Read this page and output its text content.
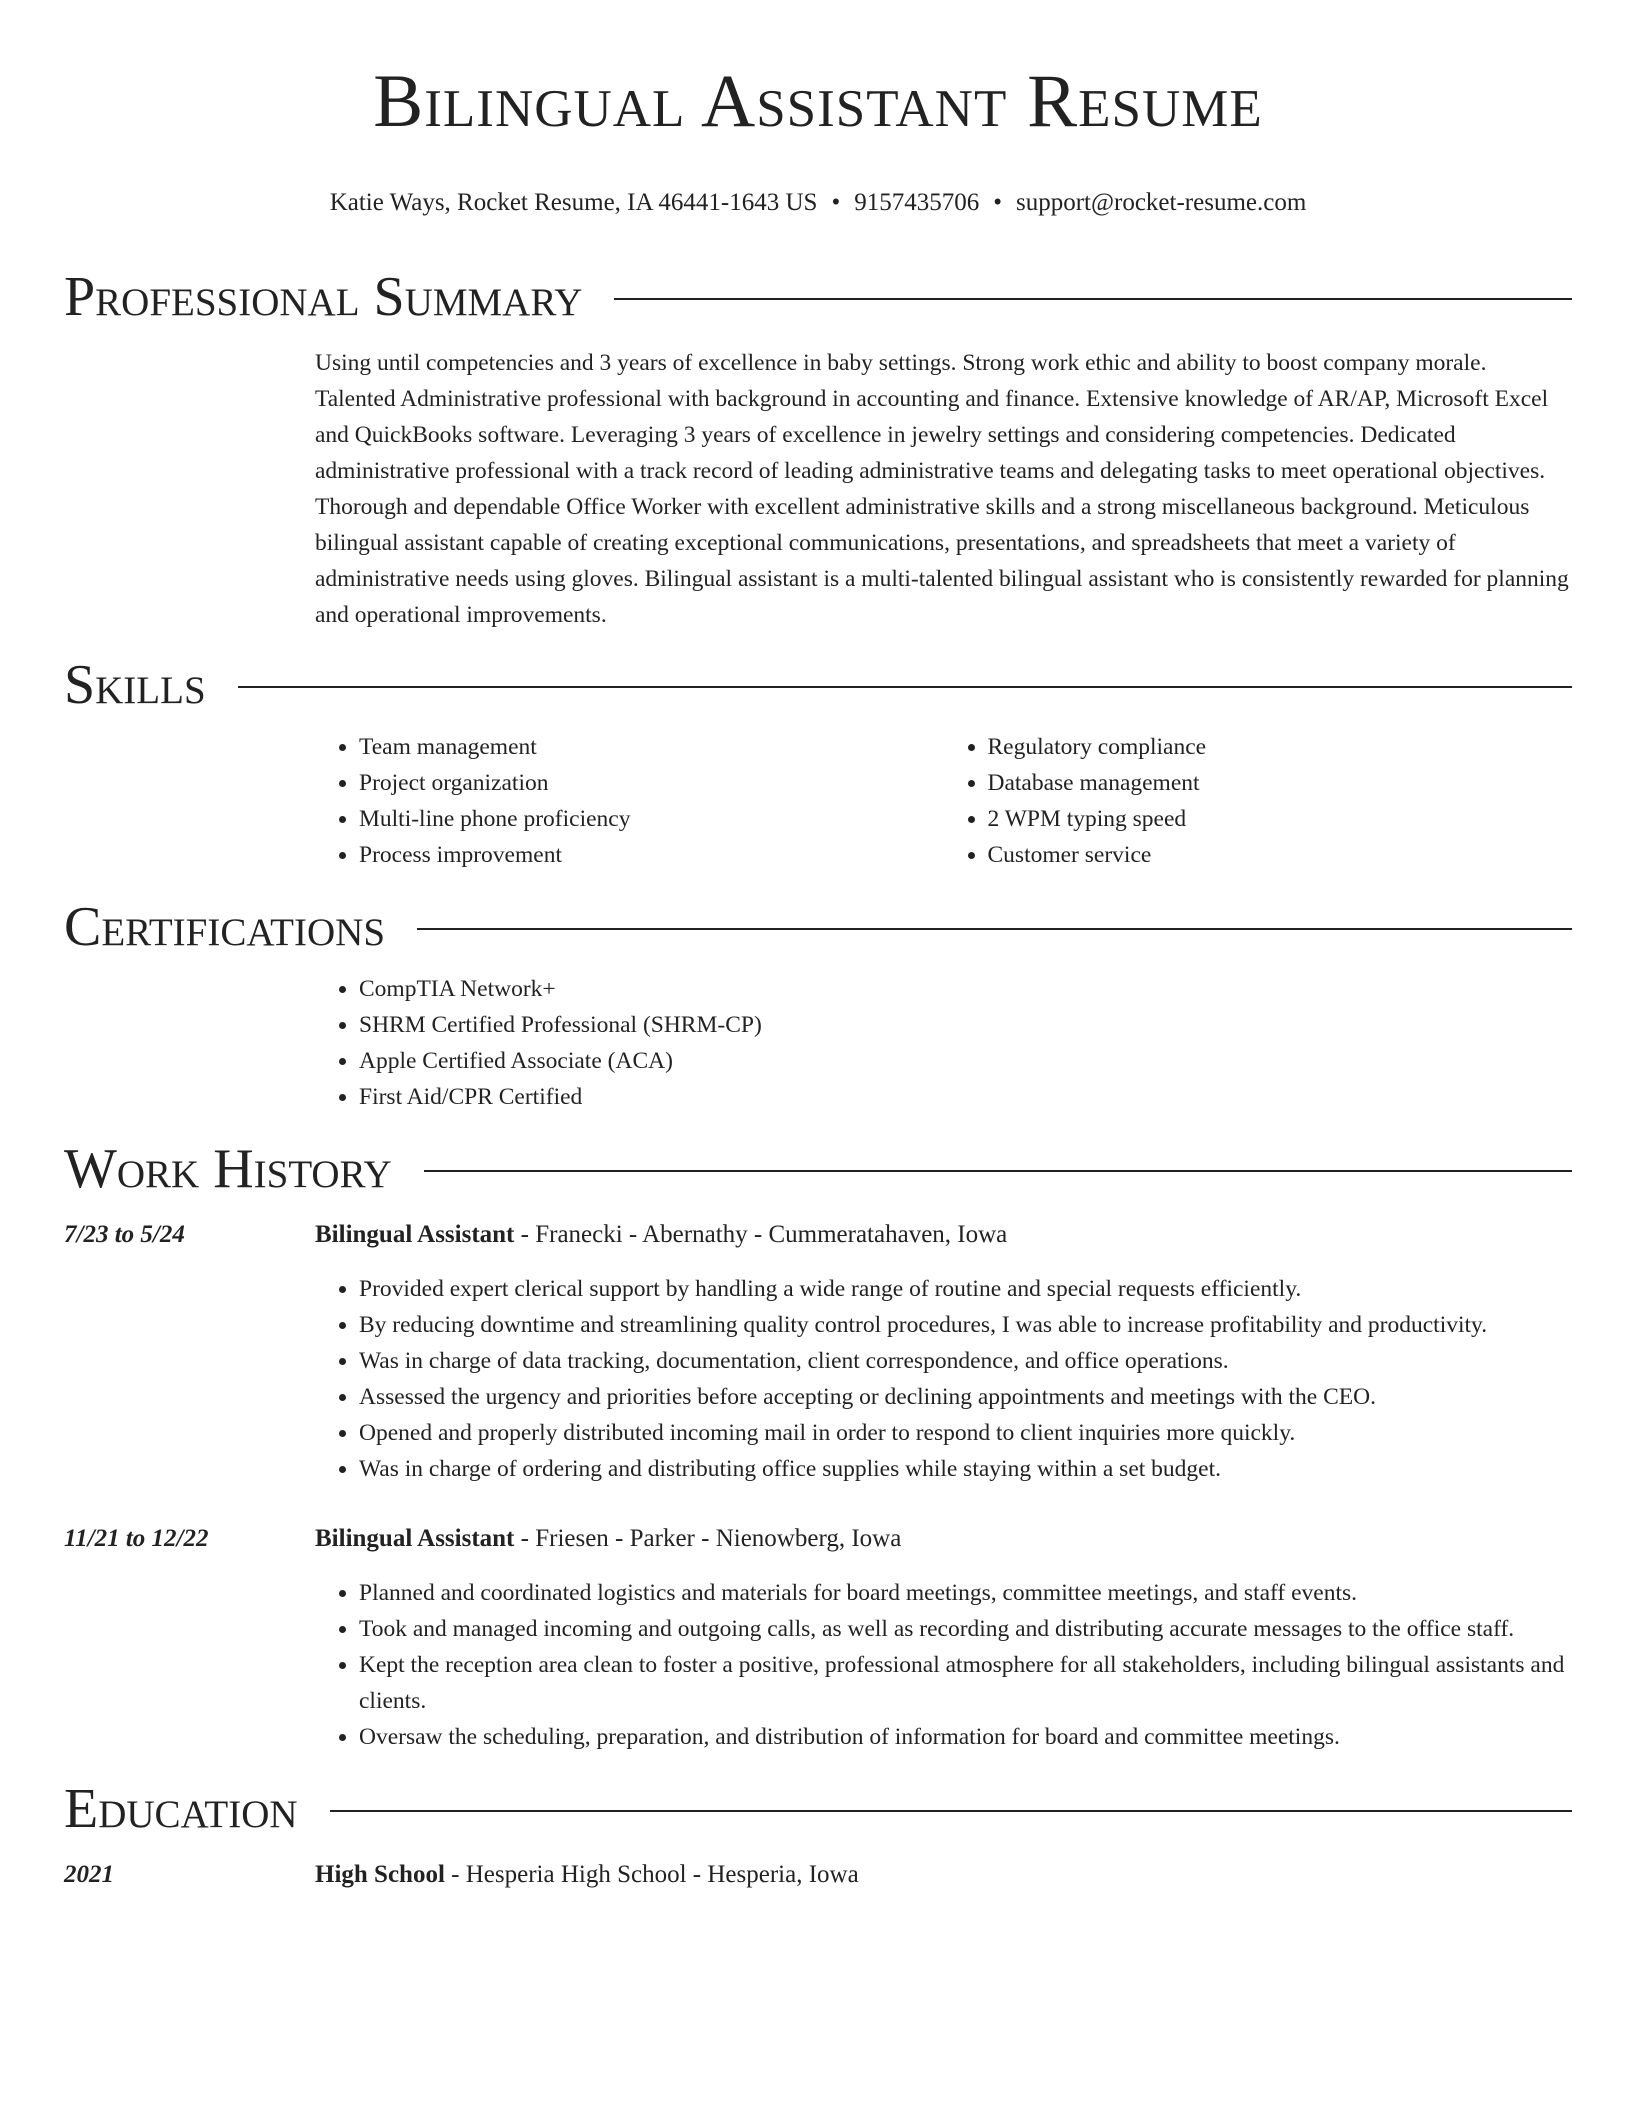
Bilingual Assistant Resume
Katie Ways, Rocket Resume, IA 46441-1643 US • 9157435706 • support@rocket-resume.com
Professional Summary

Using until competencies and 3 years of excellence in baby settings. Strong work ethic and ability to boost company morale. Talented Administrative professional with background in accounting and finance. Extensive knowledge of AR/AP, Microsoft Excel and QuickBooks software. Leveraging 3 years of excellence in jewelry settings and considering competencies. Dedicated administrative professional with a track record of leading administrative teams and delegating tasks to meet operational objectives. Thorough and dependable Office Worker with excellent administrative skills and a strong miscellaneous background. Meticulous bilingual assistant capable of creating exceptional communications, presentations, and spreadsheets that meet a variety of administrative needs using gloves. Bilingual assistant is a multi-talented bilingual assistant who is consistently rewarded for planning and operational improvements.

Skills
• Team management
• Project organization
• Multi-line phone proficiency
• Process improvement
• Regulatory compliance
• Database management
• 2 WPM typing speed
• Customer service
Certifications
• CompTIA Network+
• SHRM Certified Professional (SHRM-CP)
• Apple Certified Associate (ACA)
• First Aid/CPR Certified
Work History
7/23 to 5/24	Bilingual Assistant - Franecki - Abernathy - Cummeratahaven, Iowa
• Provided expert clerical support by handling a wide range of routine and special requests efficiently.
• By reducing downtime and streamlining quality control procedures, I was able to increase profitability and productivity.
• Was in charge of data tracking, documentation, client correspondence, and office operations.
• Assessed the urgency and priorities before accepting or declining appointments and meetings with the CEO.
• Opened and properly distributed incoming mail in order to respond to client inquiries more quickly.
• Was in charge of ordering and distributing office supplies while staying within a set budget.
11/21 to 12/22	Bilingual Assistant - Friesen - Parker - Nienowberg, Iowa
• Planned and coordinated logistics and materials for board meetings, committee meetings, and staff events.
• Took and managed incoming and outgoing calls, as well as recording and distributing accurate messages to the office staff.
• Kept the reception area clean to foster a positive, professional atmosphere for all stakeholders, including bilingual assistants and clients.
• Oversaw the scheduling, preparation, and distribution of information for board and committee meetings.
Education
2021	High School - Hesperia High School - Hesperia, Iowa
